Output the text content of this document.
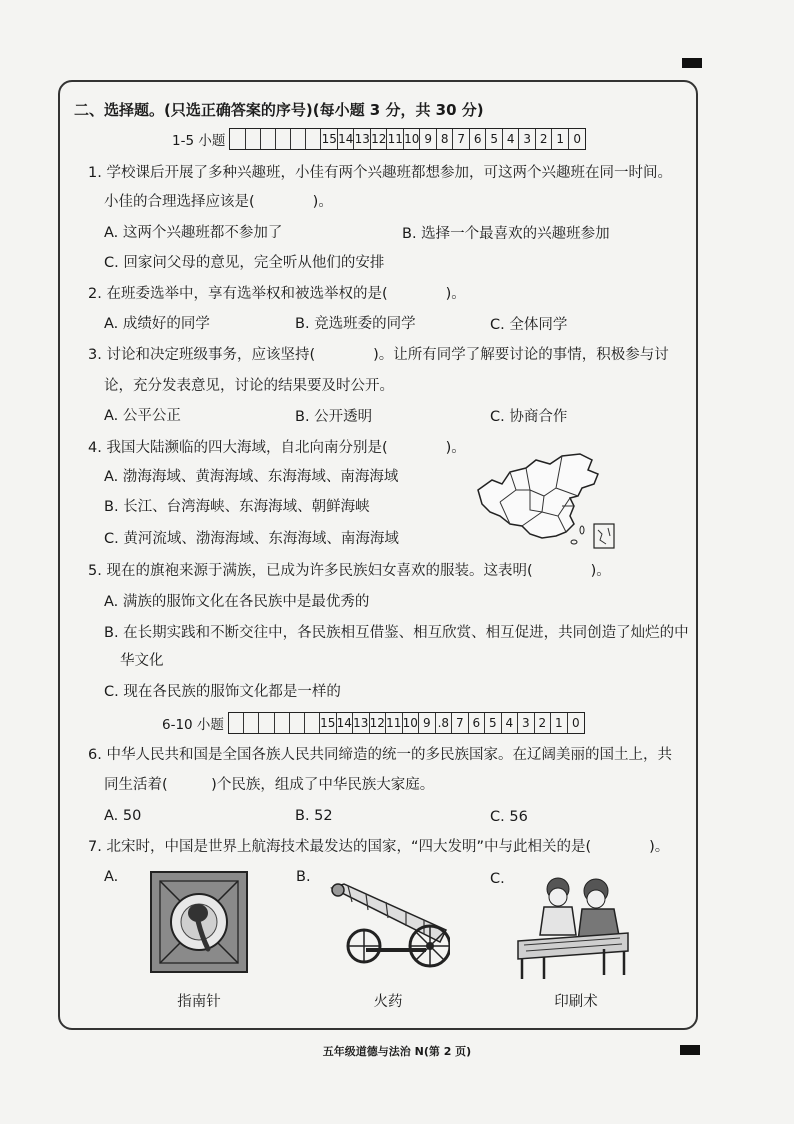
二、选择题。(只选正确答案的序号)(每小题 3 分，共 30 分)
1-5 小题	15 14 13 12 11 10 9 8 7 6 5 4 3 2 1 0
1. 学校课后开展了多种兴趣班，小佳有两个兴趣班都想参加，可这两个兴趣班在同一时间。
小佳的合理选择应该是(　　　　)。
A. 这两个兴趣班都不参加了	B. 选择一个最喜欢的兴趣班参加
C. 回家问父母的意见，完全听从他们的安排
2. 在班委选举中，享有选举权和被选举权的是(　　　　)。
A. 成绩好的同学	B. 竞选班委的同学	C. 全体同学
3. 讨论和决定班级事务，应该坚持(　　　　)。让所有同学了解要讨论的事情，积极参与讨
论，充分发表意见，讨论的结果要及时公开。
A. 公平公正	B. 公开透明	C. 协商合作
4. 我国大陆濒临的四大海域，自北向南分别是(　　　　)。
A. 渤海海域、黄海海域、东海海域、南海海域
B. 长江、台湾海峡、东海海域、朝鲜海峡
C. 黄河流域、渤海海域、东海海域、南海海域
5. 现在的旗袍来源于满族，已成为许多民族妇女喜欢的服装。这表明(　　　　)。
A. 满族的服饰文化在各民族中是最优秀的
B. 在长期实践和不断交往中，各民族相互借鉴、相互欣赏、相互促进，共同创造了灿烂的中
华文化
C. 现在各民族的服饰文化都是一样的
6-10 小题	15 14 13 12 11 10 9 .8 7 6 5 4 3 2 1 0
6. 中华人民共和国是全国各族人民共同缔造的统一的多民族国家。在辽阔美丽的国土上，共
同生活着(　　　)个民族，组成了中华民族大家庭。
A. 50	B. 52	C. 56
7. 北宋时，中国是世界上航海技术最发达的国家，“四大发明”中与此相关的是(　　　　)。
A.	B.	C.
指南针	火药	印刷术
五年级道德与法治 N(第 2 页)
